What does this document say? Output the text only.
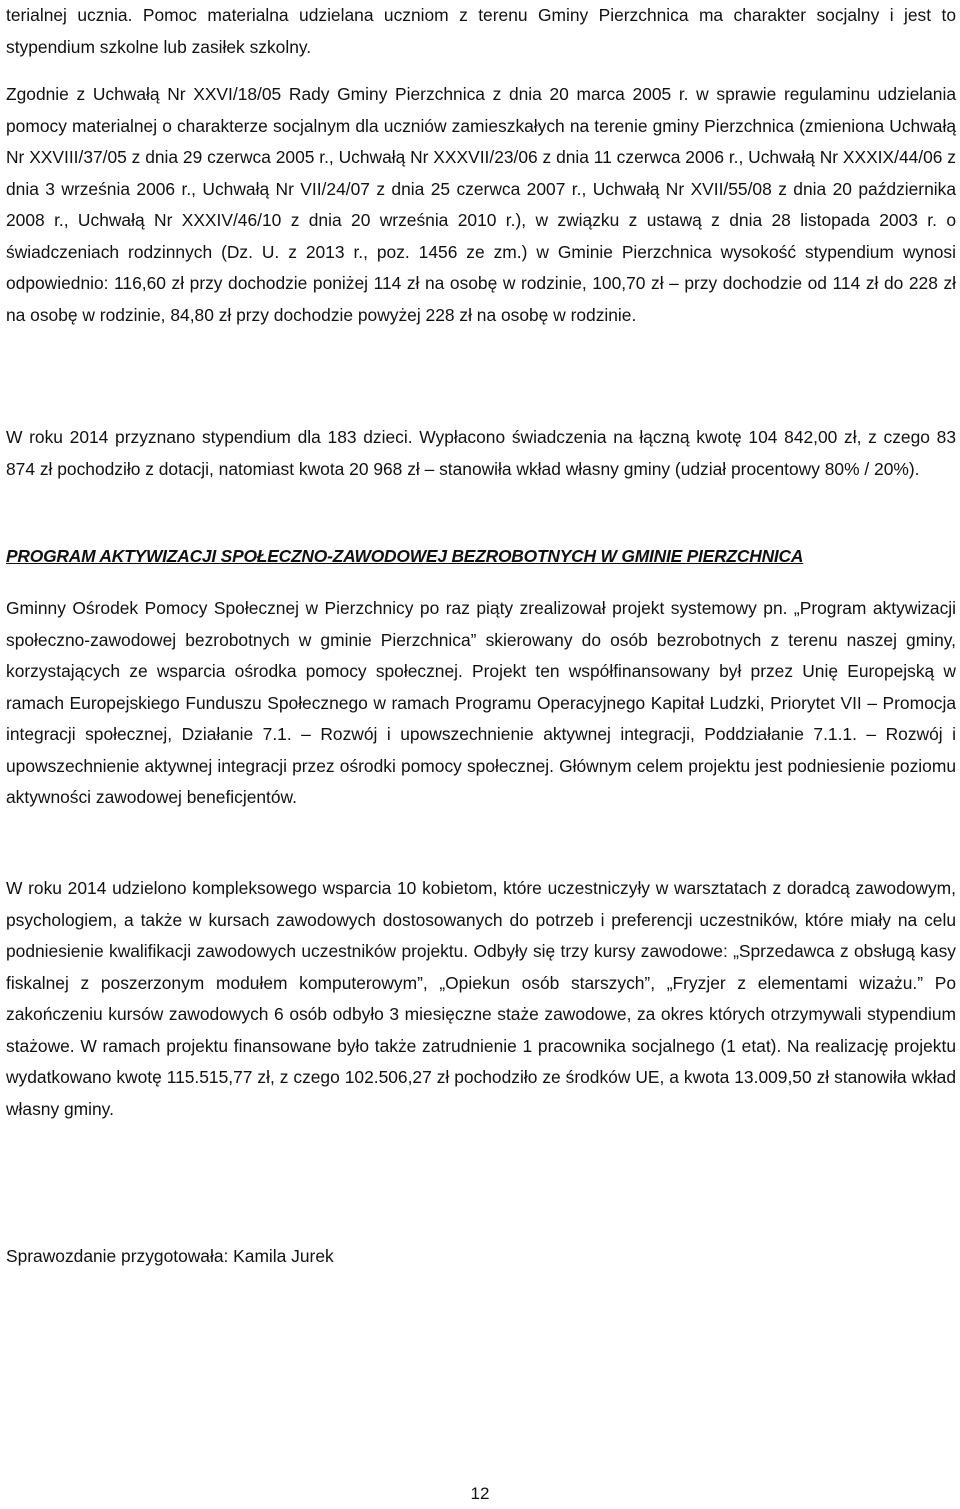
terialnej ucznia. Pomoc materialna udzielana uczniom z terenu Gminy Pierzchnica ma charakter socjalny i jest to stypendium szkolne lub zasiłek szkolny.

Zgodnie z Uchwałą Nr XXVI/18/05 Rady Gminy Pierzchnica z dnia 20 marca 2005 r. w sprawie regulaminu udzielania pomocy materialnej o charakterze socjalnym dla uczniów zamieszkałych na terenie gminy Pierzchnica (zmieniona Uchwałą Nr XXVIII/37/05 z dnia 29 czerwca 2005 r., Uchwałą Nr XXXVII/23/06 z dnia 11 czerwca 2006 r., Uchwałą Nr XXXIX/44/06 z dnia 3 września 2006 r., Uchwałą Nr VII/24/07 z dnia 25 czerwca 2007 r., Uchwałą Nr XVII/55/08 z dnia 20 października 2008 r., Uchwałą Nr XXXIV/46/10 z dnia 20 września 2010 r.), w związku z ustawą z dnia 28 listopada 2003 r. o świadczeniach rodzinnych (Dz. U. z 2013 r., poz. 1456 ze zm.) w Gminie Pierzchnica wysokość stypendium wynosi odpowiednio: 116,60 zł przy dochodzie poniżej 114 zł na osobę w rodzinie, 100,70 zł – przy dochodzie od 114 zł do 228 zł na osobę w rodzinie, 84,80 zł przy dochodzie powyżej 228 zł na osobę w rodzinie.

W roku 2014 przyznano stypendium dla 183 dzieci. Wypłacono świadczenia na łączną kwotę 104 842,00 zł, z czego 83 874 zł pochodziło z dotacji, natomiast kwota 20 968 zł – stanowiła wkład własny gminy (udział procentowy 80% / 20%).

PROGRAM AKTYWIZACJI SPOŁECZNO-ZAWODOWEJ BEZROBOTNYCH W GMINIE PIERZCHNICA

Gminny Ośrodek Pomocy Społecznej w Pierzchnicy po raz piąty zrealizował projekt systemowy pn. „Program aktywizacji społeczno-zawodowej bezrobotnych w gminie Pierzchnica” skierowany do osób bezrobotnych z terenu naszej gminy, korzystających ze wsparcia ośrodka pomocy społecznej. Projekt ten współfinansowany był przez Unię Europejską w ramach Europejskiego Funduszu Społecznego w ramach Programu Operacyjnego Kapitał Ludzki, Priorytet VII – Promocja integracji społecznej, Działanie 7.1. – Rozwój i upowszechnienie aktywnej integracji, Poddziałanie 7.1.1. – Rozwój i upowszechnienie aktywnej integracji przez ośrodki pomocy społecznej. Głównym celem projektu jest podniesienie poziomu aktywności zawodowej beneficjentów.

W roku 2014 udzielono kompleksowego wsparcia 10 kobietom, które uczestniczyły w warsztatach z doradcą zawodowym, psychologiem, a także w kursach zawodowych dostosowanych do potrzeb i preferencji uczestników, które miały na celu podniesienie kwalifikacji zawodowych uczestników projektu. Odbyły się trzy kursy zawodowe: „Sprzedawca z obsługą kasy fiskalnej z poszerzonym modułem komputerowym”, „Opiekun osób starszych”, „Fryzjer z elementami wizażu.” Po zakończeniu kursów zawodowych 6 osób odbyło 3 miesięczne staże zawodowe, za okres których otrzymywali stypendium stażowe. W ramach projektu finansowane było także zatrudnienie 1 pracownika socjalnego (1 etat). Na realizację projektu wydatkowano kwotę 115.515,77 zł, z czego 102.506,27 zł pochodziło ze środków UE, a kwota 13.009,50 zł stanowiła wkład własny gminy.

Sprawozdanie przygotowała: Kamila Jurek

12
